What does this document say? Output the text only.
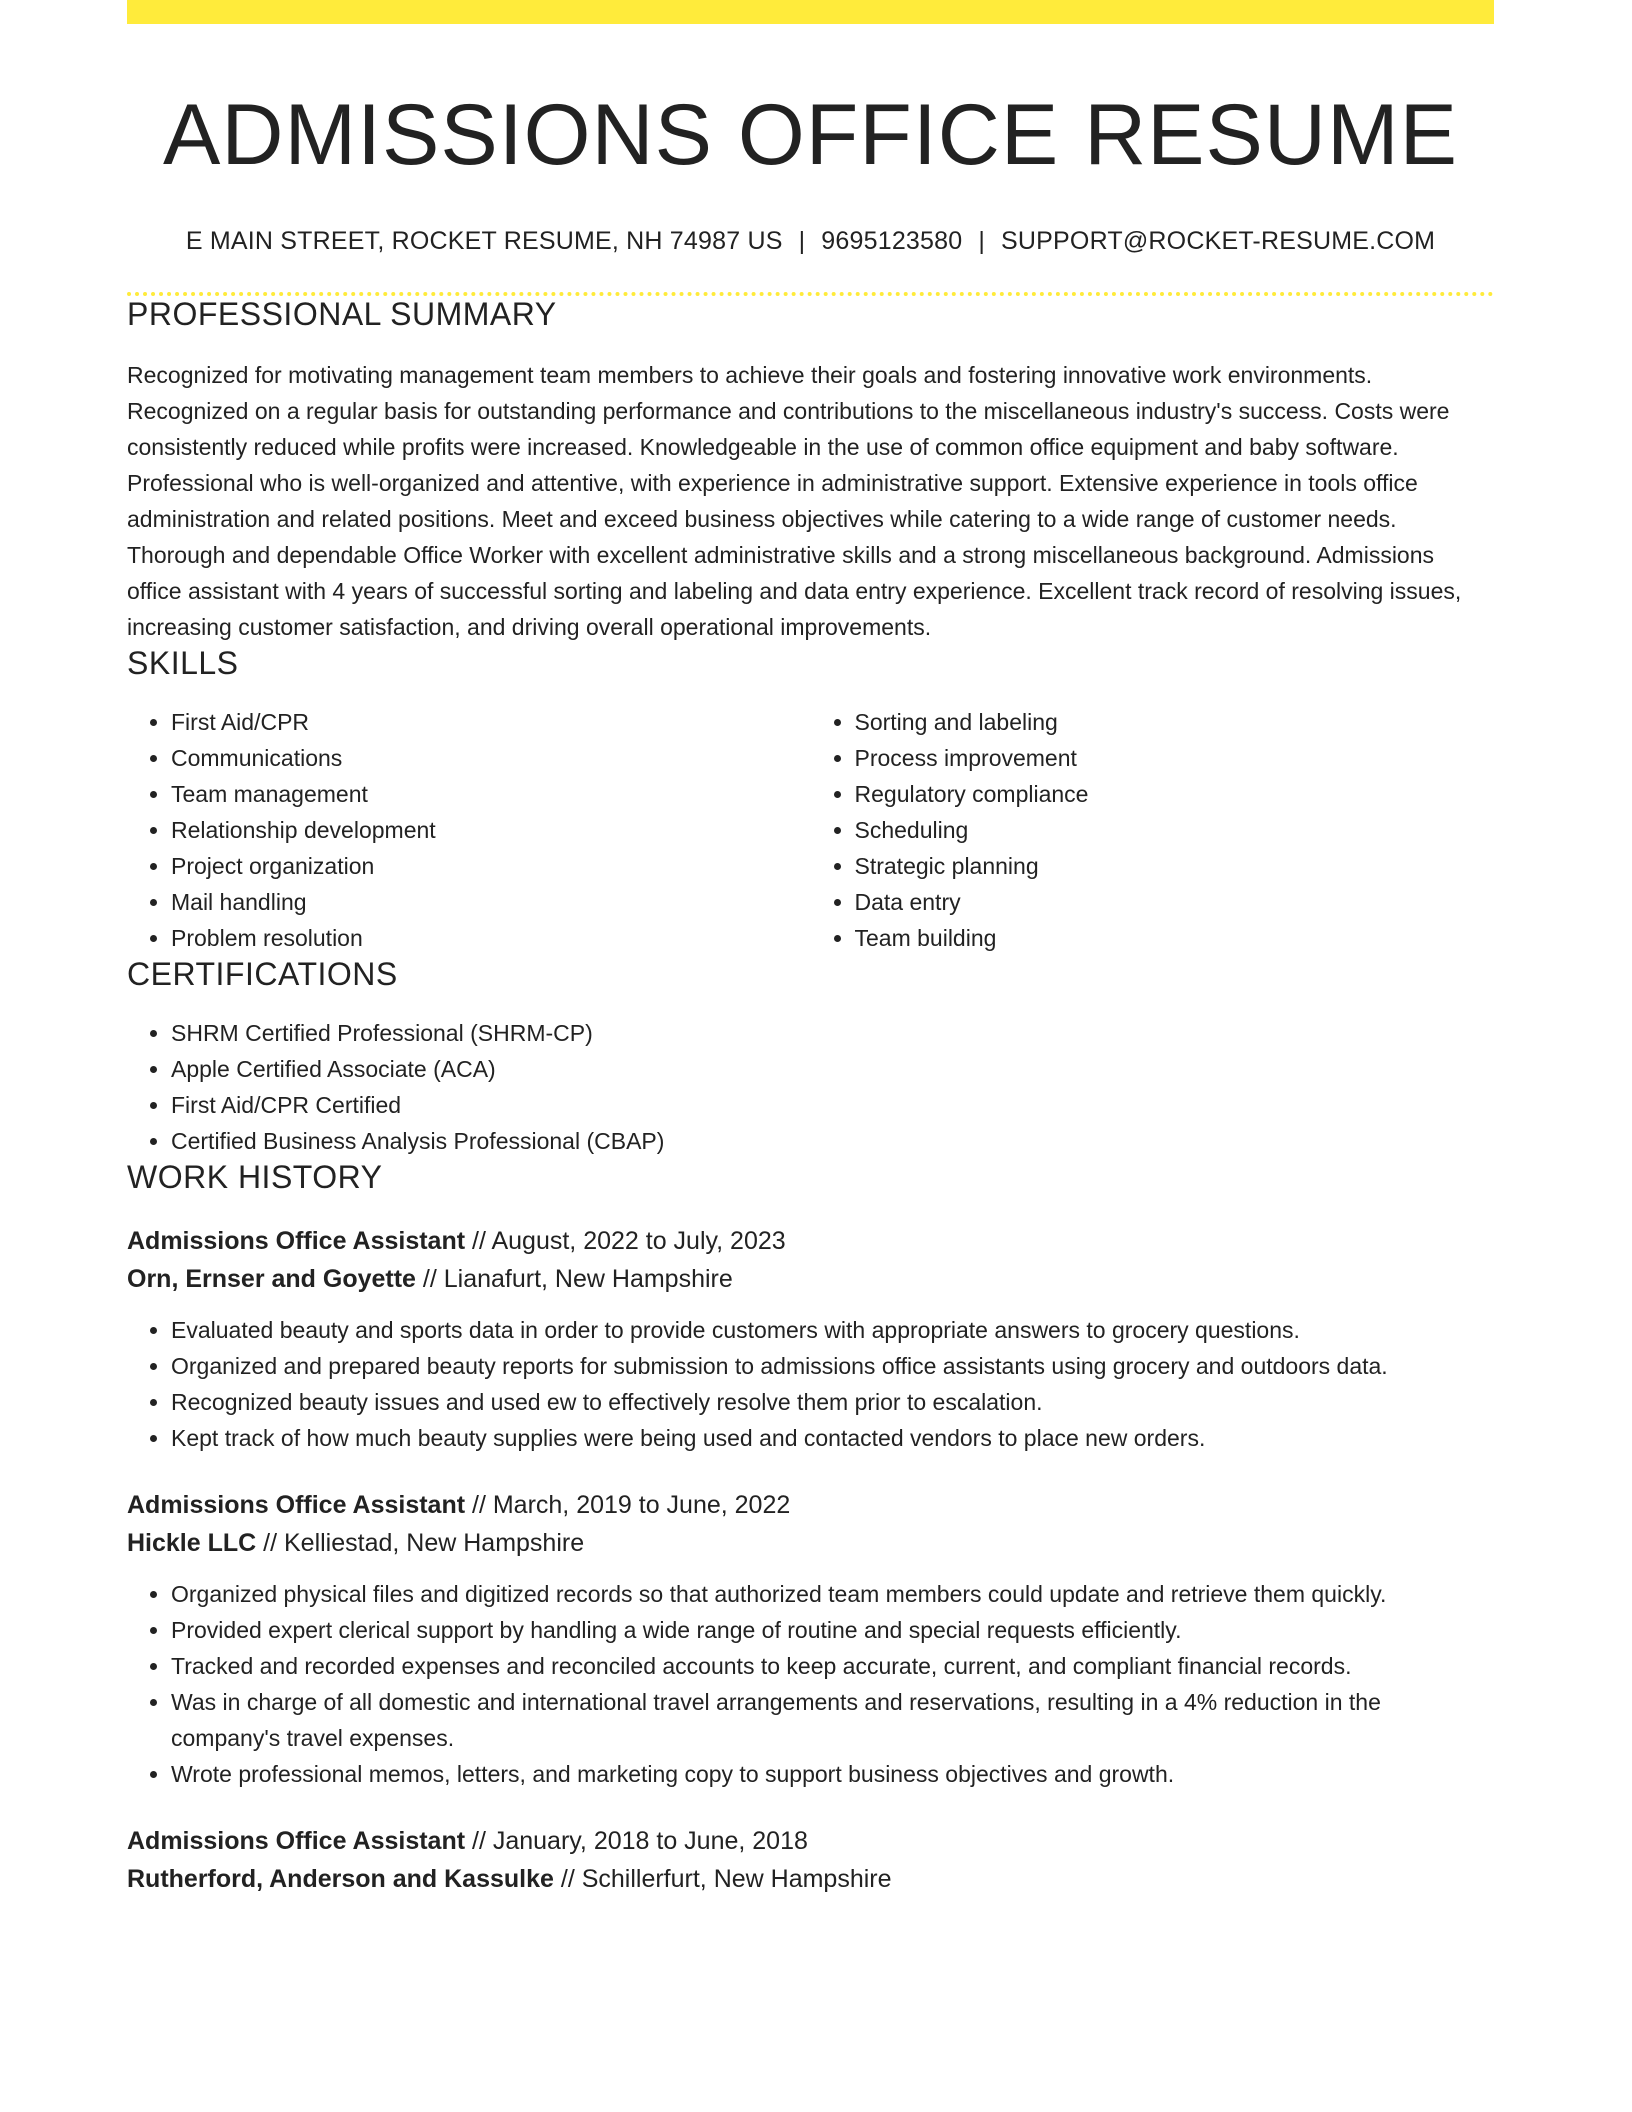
ADMISSIONS OFFICE RESUME
E MAIN STREET, ROCKET RESUME, NH 74987 US | 9695123580 | SUPPORT@ROCKET-RESUME.COM
PROFESSIONAL SUMMARY

Recognized for motivating management team members to achieve their goals and fostering innovative work environments. Recognized on a regular basis for outstanding performance and contributions to the miscellaneous industry's success. Costs were consistently reduced while profits were increased. Knowledgeable in the use of common office equipment and baby software. Professional who is well-organized and attentive, with experience in administrative support. Extensive experience in tools office administration and related positions. Meet and exceed business objectives while catering to a wide range of customer needs. Thorough and dependable Office Worker with excellent administrative skills and a strong miscellaneous background. Admissions office assistant with 4 years of successful sorting and labeling and data entry experience. Excellent track record of resolving issues, increasing customer satisfaction, and driving overall operational improvements.

SKILLS
• First Aid/CPR
• Communications
• Team management
• Relationship development
• Project organization
• Mail handling
• Problem resolution
• Sorting and labeling
• Process improvement
• Regulatory compliance
• Scheduling
• Strategic planning
• Data entry
• Team building
CERTIFICATIONS
• SHRM Certified Professional (SHRM-CP)
• Apple Certified Associate (ACA)
• First Aid/CPR Certified
• Certified Business Analysis Professional (CBAP)
WORK HISTORY
Admissions Office Assistant // August, 2022 to July, 2023
Orn, Ernser and Goyette // Lianafurt, New Hampshire
• Evaluated beauty and sports data in order to provide customers with appropriate answers to grocery questions.
• Organized and prepared beauty reports for submission to admissions office assistants using grocery and outdoors data.
• Recognized beauty issues and used ew to effectively resolve them prior to escalation.
• Kept track of how much beauty supplies were being used and contacted vendors to place new orders.
Admissions Office Assistant // March, 2019 to June, 2022
Hickle LLC // Kelliestad, New Hampshire
• Organized physical files and digitized records so that authorized team members could update and retrieve them quickly.
• Provided expert clerical support by handling a wide range of routine and special requests efficiently.
• Tracked and recorded expenses and reconciled accounts to keep accurate, current, and compliant financial records.
• Was in charge of all domestic and international travel arrangements and reservations, resulting in a 4% reduction in the company's travel expenses.
• Wrote professional memos, letters, and marketing copy to support business objectives and growth.
Admissions Office Assistant // January, 2018 to June, 2018
Rutherford, Anderson and Kassulke // Schillerfurt, New Hampshire
